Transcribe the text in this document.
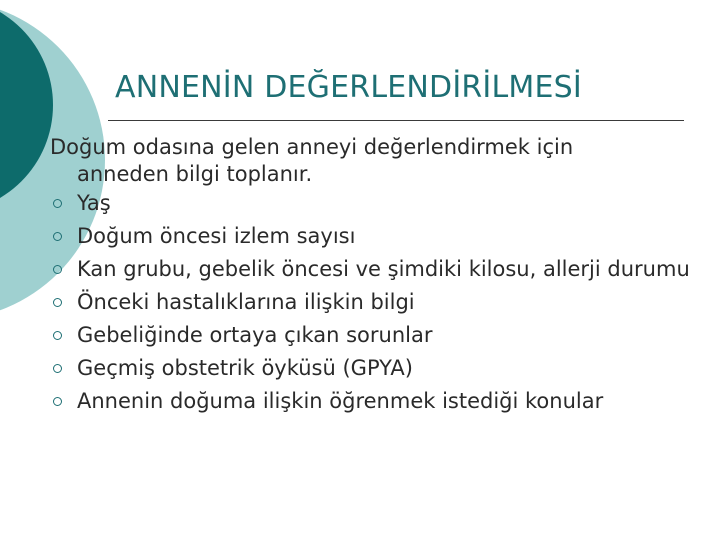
ANNENİN DEĞERLENDİRİLMESİ

Doğum odasına gelen anneyi değerlendirmek için
anneden bilgi toplanır.

Yaş
Doğum öncesi izlem sayısı
Kan grubu, gebelik öncesi ve şimdiki kilosu, allerji durumu
Önceki hastalıklarına ilişkin bilgi
Gebeliğinde ortaya çıkan sorunlar
Geçmiş obstetrik öyküsü (GPYA)
Annenin doğuma ilişkin öğrenmek istediği konular
